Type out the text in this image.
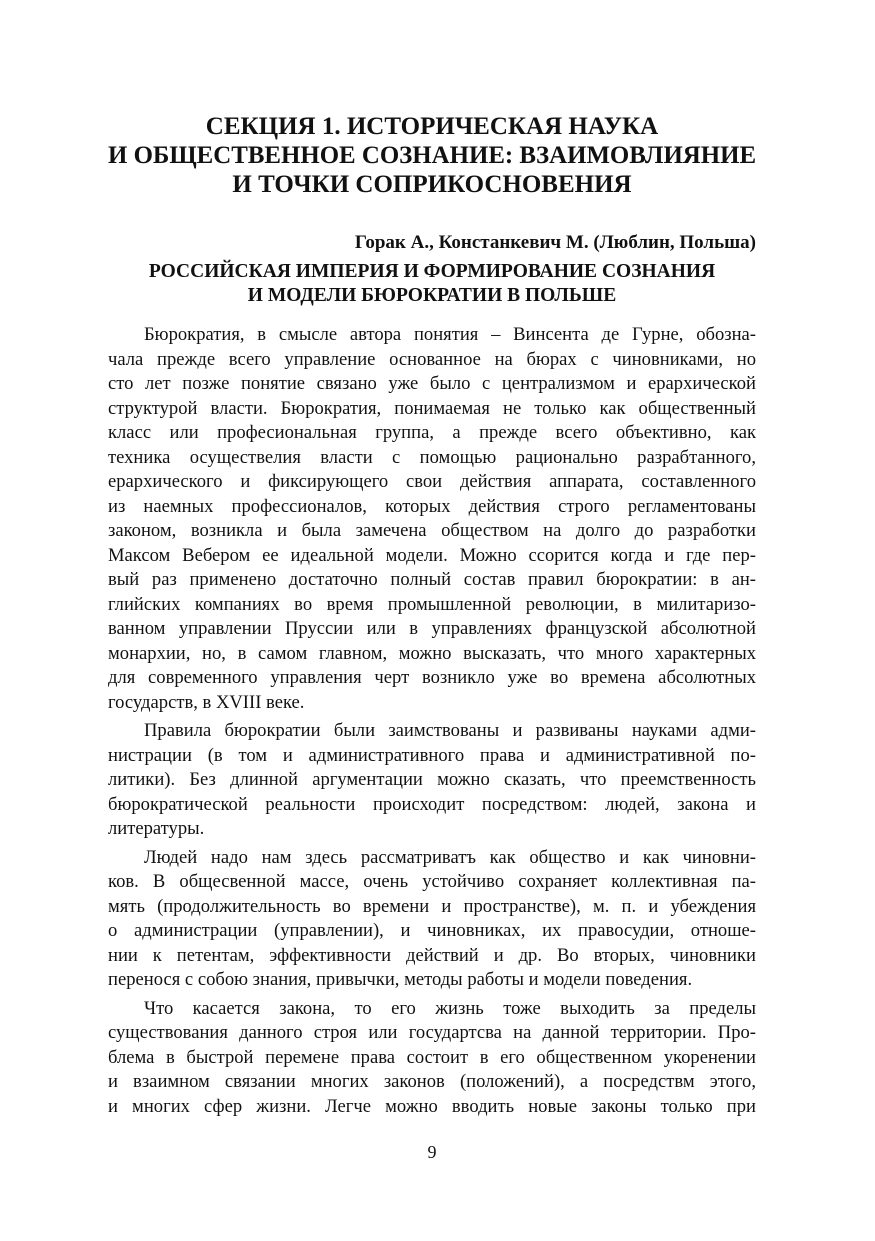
СЕКЦИЯ 1. ИСТОРИЧЕСКАЯ НАУКА
И ОБЩЕСТВЕННОЕ СОЗНАНИЕ: ВЗАИМОВЛИЯНИЕ
И ТОЧКИ СОПРИКОСНОВЕНИЯ

Горак А., Констанкевич М. (Люблин, Польша)

РОССИЙСКАЯ ИМПЕРИЯ И ФОРМИРОВАНИЕ СОЗНАНИЯ
И МОДЕЛИ БЮРОКРАТИИ В ПОЛЬШЕ

Бюрократия, в смысле автора понятия – Винсента де Гурне, обозна-
чала прежде всего управление основанное на бюрах с чиновниками, но
сто лет позже понятие связано уже было с централизмом и ерархической
структурой власти. Бюрократия, понимаемая не только как общественный
класс или професиональная группа, а прежде всего объективно, как
техника осуществелия власти с помощью рационально разрабтанного,
ерархического и фиксирующего свои действия аппарата, составленного
из наемных профессионалов, которых действия строго регламентованы
законом, возникла и была замечена обществом на долго до разработки
Максом Вебером ее идеальной модели. Можно ссорится когда и где пер-
вый раз применено достаточно полный состав правил бюрократии: в ан-
глийских компаниях во время промышленной революции, в милитаризо-
ванном управлении Пруссии или в управлениях французской абсолютной
монархии, но, в самом главном, можно высказать, что много характерных
для современного управления черт возникло уже во времена абсолютных
государств, в XVIII веке.

Правила бюрократии были заимствованы и развиваны науками адми-
нистрации (в том и административного права и административной по-
литики). Без длинной аргументации можно сказать, что преемственность
бюрократической реальности происходит посредством: людей, закона и
литературы.

Людей надо нам здесь рассматриватъ как общество и как чиновни-
ков. В общесвенной массе, очень устойчиво сохраняет коллективная па-
мять (продолжительность во времени и пространстве), м. п. и убеждения
о администрации (управлении), и чиновниках, их правосудии, отноше-
нии к петентам, эффективности действий и др. Во вторых, чиновники
перенося с собою знания, привычки, методы работы и модели поведения.

Что касается закона, то его жизнь тоже выходить за пределы
существования данного строя или государтсва на данной территории. Про-
блема в быстрой перемене права состоит в его общественном укоренении
и взаимном связании многих законов (положений), а посредствм этого,
и многих сфер жизни. Легче можно вводить новые законы только при

9
